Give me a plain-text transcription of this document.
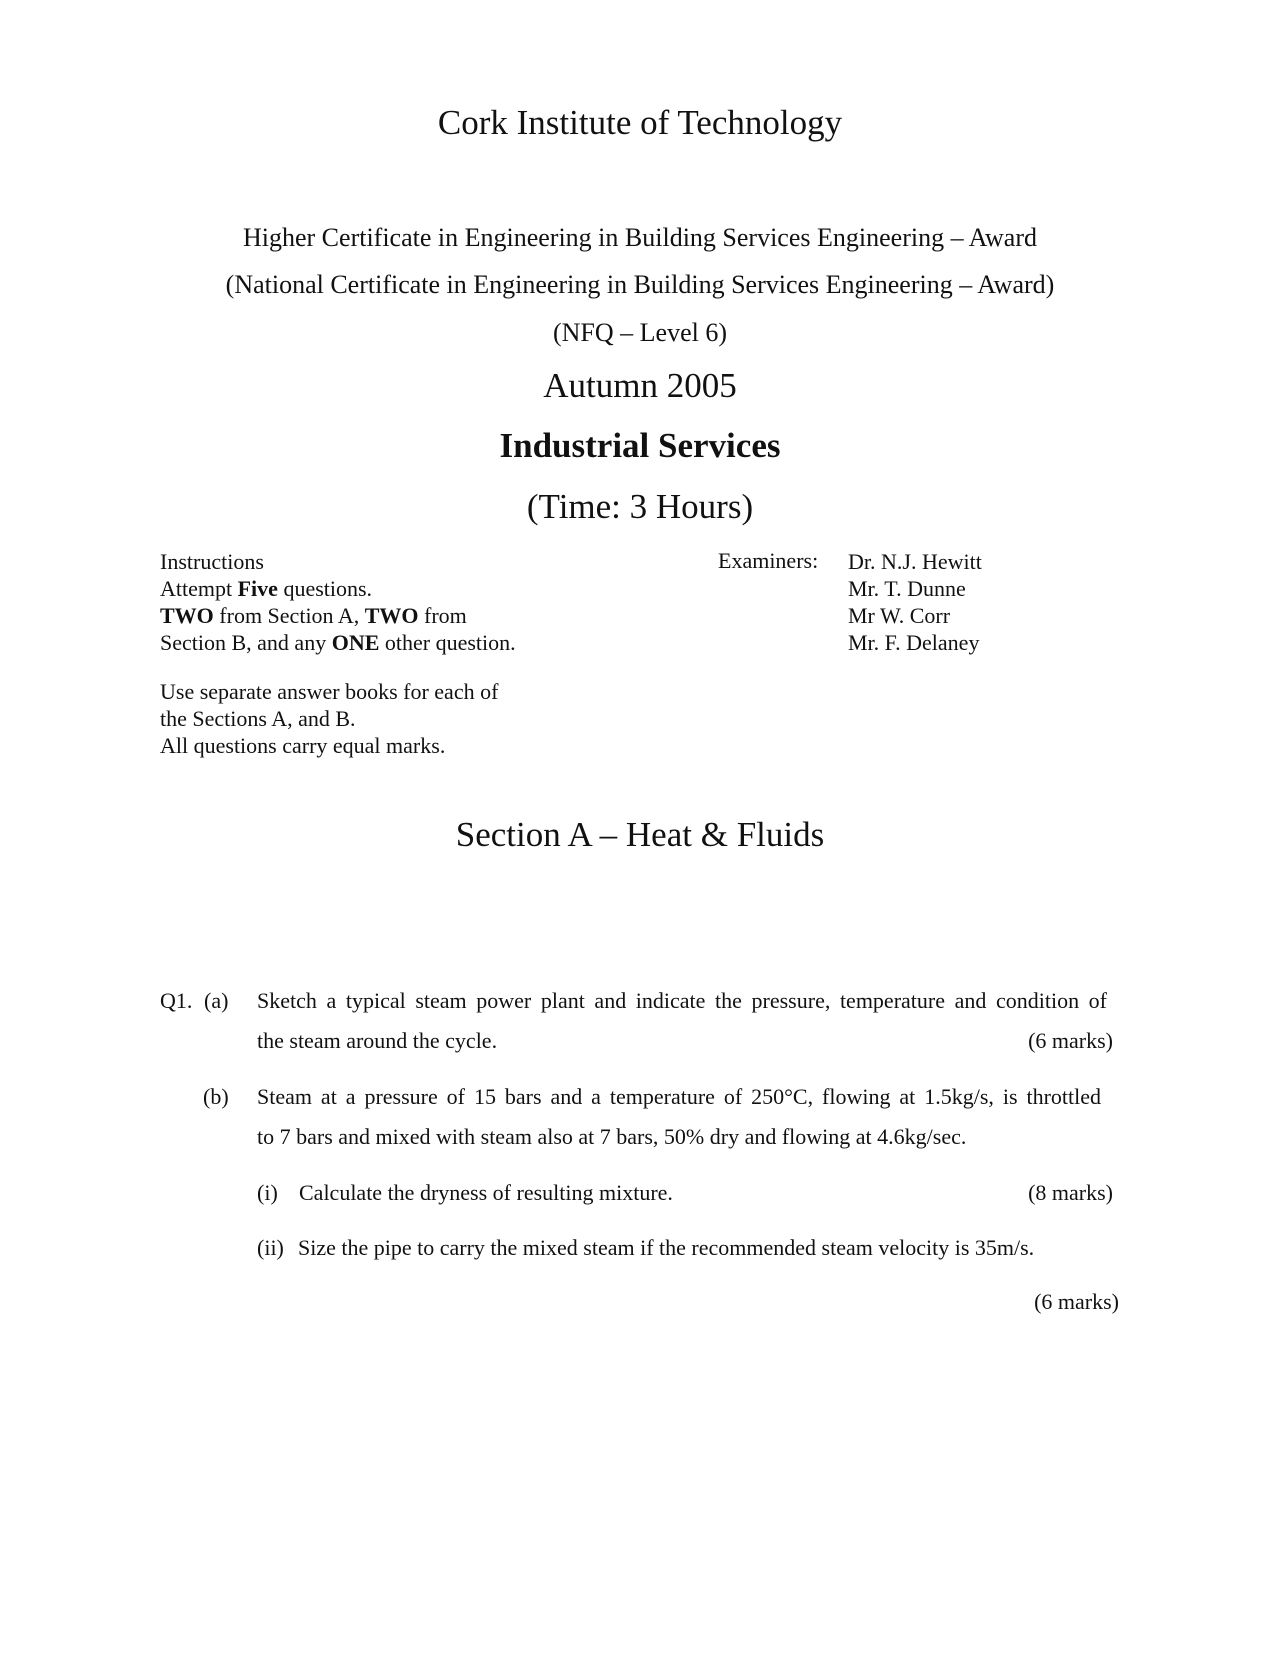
Cork Institute of Technology
Higher Certificate in Engineering in Building Services Engineering – Award
(National Certificate in Engineering in Building Services Engineering – Award)
(NFQ – Level 6)
Autumn 2005
Industrial Services
(Time: 3 Hours)
Instructions
Attempt Five questions.
TWO from Section A, TWO from
Section B, and any ONE other question.
Use separate answer books for each of
the Sections A, and B.
All questions carry equal marks.
Examiners: Dr. N.J. Hewitt
Mr. T. Dunne
Mr W. Corr
Mr. F. Delaney
Section A – Heat & Fluids
Q1. (a) Sketch a typical steam power plant and indicate the pressure, temperature and condition of
the steam around the cycle.	(6 marks)
(b) Steam at a pressure of 15 bars and a temperature of 250°C, flowing at 1.5kg/s, is throttled
to 7 bars and mixed with steam also at 7 bars, 50% dry and flowing at 4.6kg/sec.
(i) Calculate the dryness of resulting mixture.	(8 marks)
(ii) Size the pipe to carry the mixed steam if the recommended steam velocity is 35m/s.
(6 marks)
